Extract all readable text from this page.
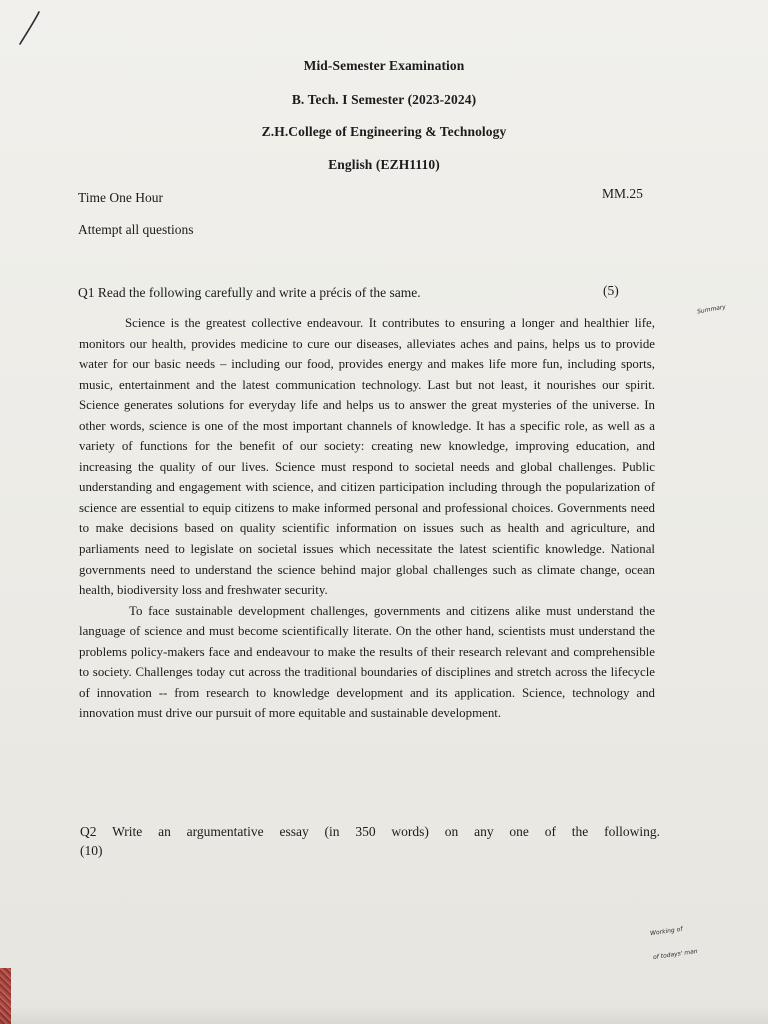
Mid-Semester Examination
B. Tech. I Semester (2023-2024)
Z.H.College of Engineering & Technology
English (EZH1110)
Time One Hour	MM.25
Attempt all questions
Q1 Read the following carefully and write a précis of the same.	(5)

Science is the greatest collective endeavour. It contributes to ensuring a longer and healthier life, monitors our health, provides medicine to cure our diseases, alleviates aches and pains, helps us to provide water for our basic needs – including our food, provides energy and makes life more fun, including sports, music, entertainment and the latest communication technology. Last but not least, it nourishes our spirit. Science generates solutions for everyday life and helps us to answer the great mysteries of the universe. In other words, science is one of the most important channels of knowledge. It has a specific role, as well as a variety of functions for the benefit of our society: creating new knowledge, improving education, and increasing the quality of our lives. Science must respond to societal needs and global challenges. Public understanding and engagement with science, and citizen participation including through the popularization of science are essential to equip citizens to make informed personal and professional choices. Governments need to make decisions based on quality scientific information on issues such as health and agriculture, and parliaments need to legislate on societal issues which necessitate the latest scientific knowledge. National governments need to understand the science behind major global challenges such as climate change, ocean health, biodiversity loss and freshwater security.

To face sustainable development challenges, governments and citizens alike must understand the language of science and must become scientifically literate. On the other hand, scientists must understand the problems policy-makers face and endeavour to make the results of their research relevant and comprehensible to society. Challenges today cut across the traditional boundaries of disciplines and stretch across the lifecycle of innovation -- from research to knowledge development and its application. Science, technology and innovation must drive our pursuit of more equitable and sustainable development.

Q2 Write an argumentative essay (in 350 words) on any one of the following.
(10)
Summary
Working of
of todays' man
